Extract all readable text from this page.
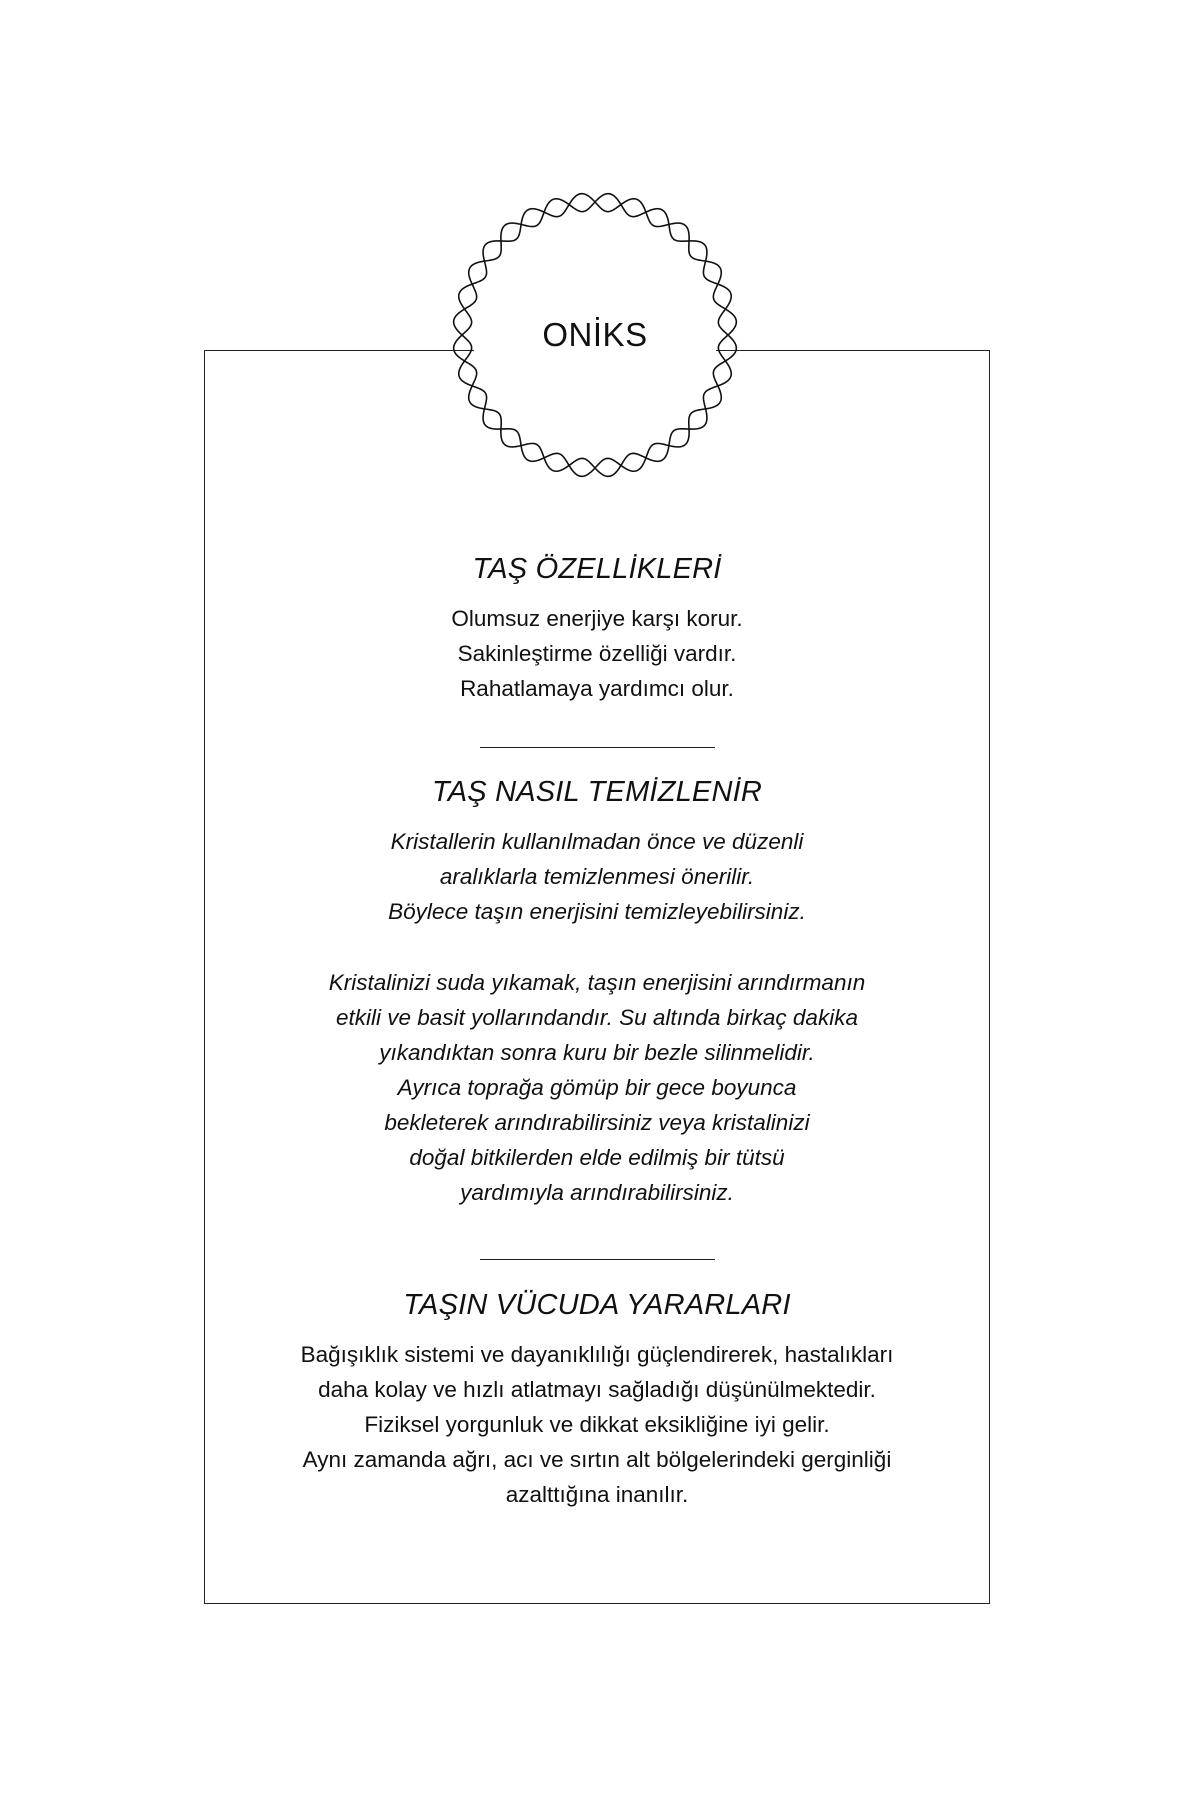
ONİKS
TAŞ ÖZELLİKLERİ
Olumsuz enerjiye karşı korur.
Sakinleştirme özelliği vardır.
Rahatlamaya yardımcı olur.
TAŞ NASIL TEMİZLENİR
Kristallerin kullanılmadan önce ve düzenli
aralıklarla temizlenmesi önerilir.
Böylece taşın enerjisini temizleyebilirsiniz.
Kristalinizi suda yıkamak, taşın enerjisini arındırmanın
etkili ve basit yollarındandır. Su altında birkaç dakika
yıkandıktan sonra kuru bir bezle silinmelidir.
Ayrıca toprağa gömüp bir gece boyunca
bekleterek arındırabilirsiniz veya kristalinizi
doğal bitkilerden elde edilmiş bir tütsü
yardımıyla arındırabilirsiniz.
TAŞIN VÜCUDA YARARLARI
Bağışıklık sistemi ve dayanıklılığı güçlendirerek, hastalıkları
daha kolay ve hızlı atlatmayı sağladığı düşünülmektedir.
Fiziksel yorgunluk ve dikkat eksikliğine iyi gelir.
Aynı zamanda ağrı, acı ve sırtın alt bölgelerindeki gerginliği
azalttığına inanılır.
